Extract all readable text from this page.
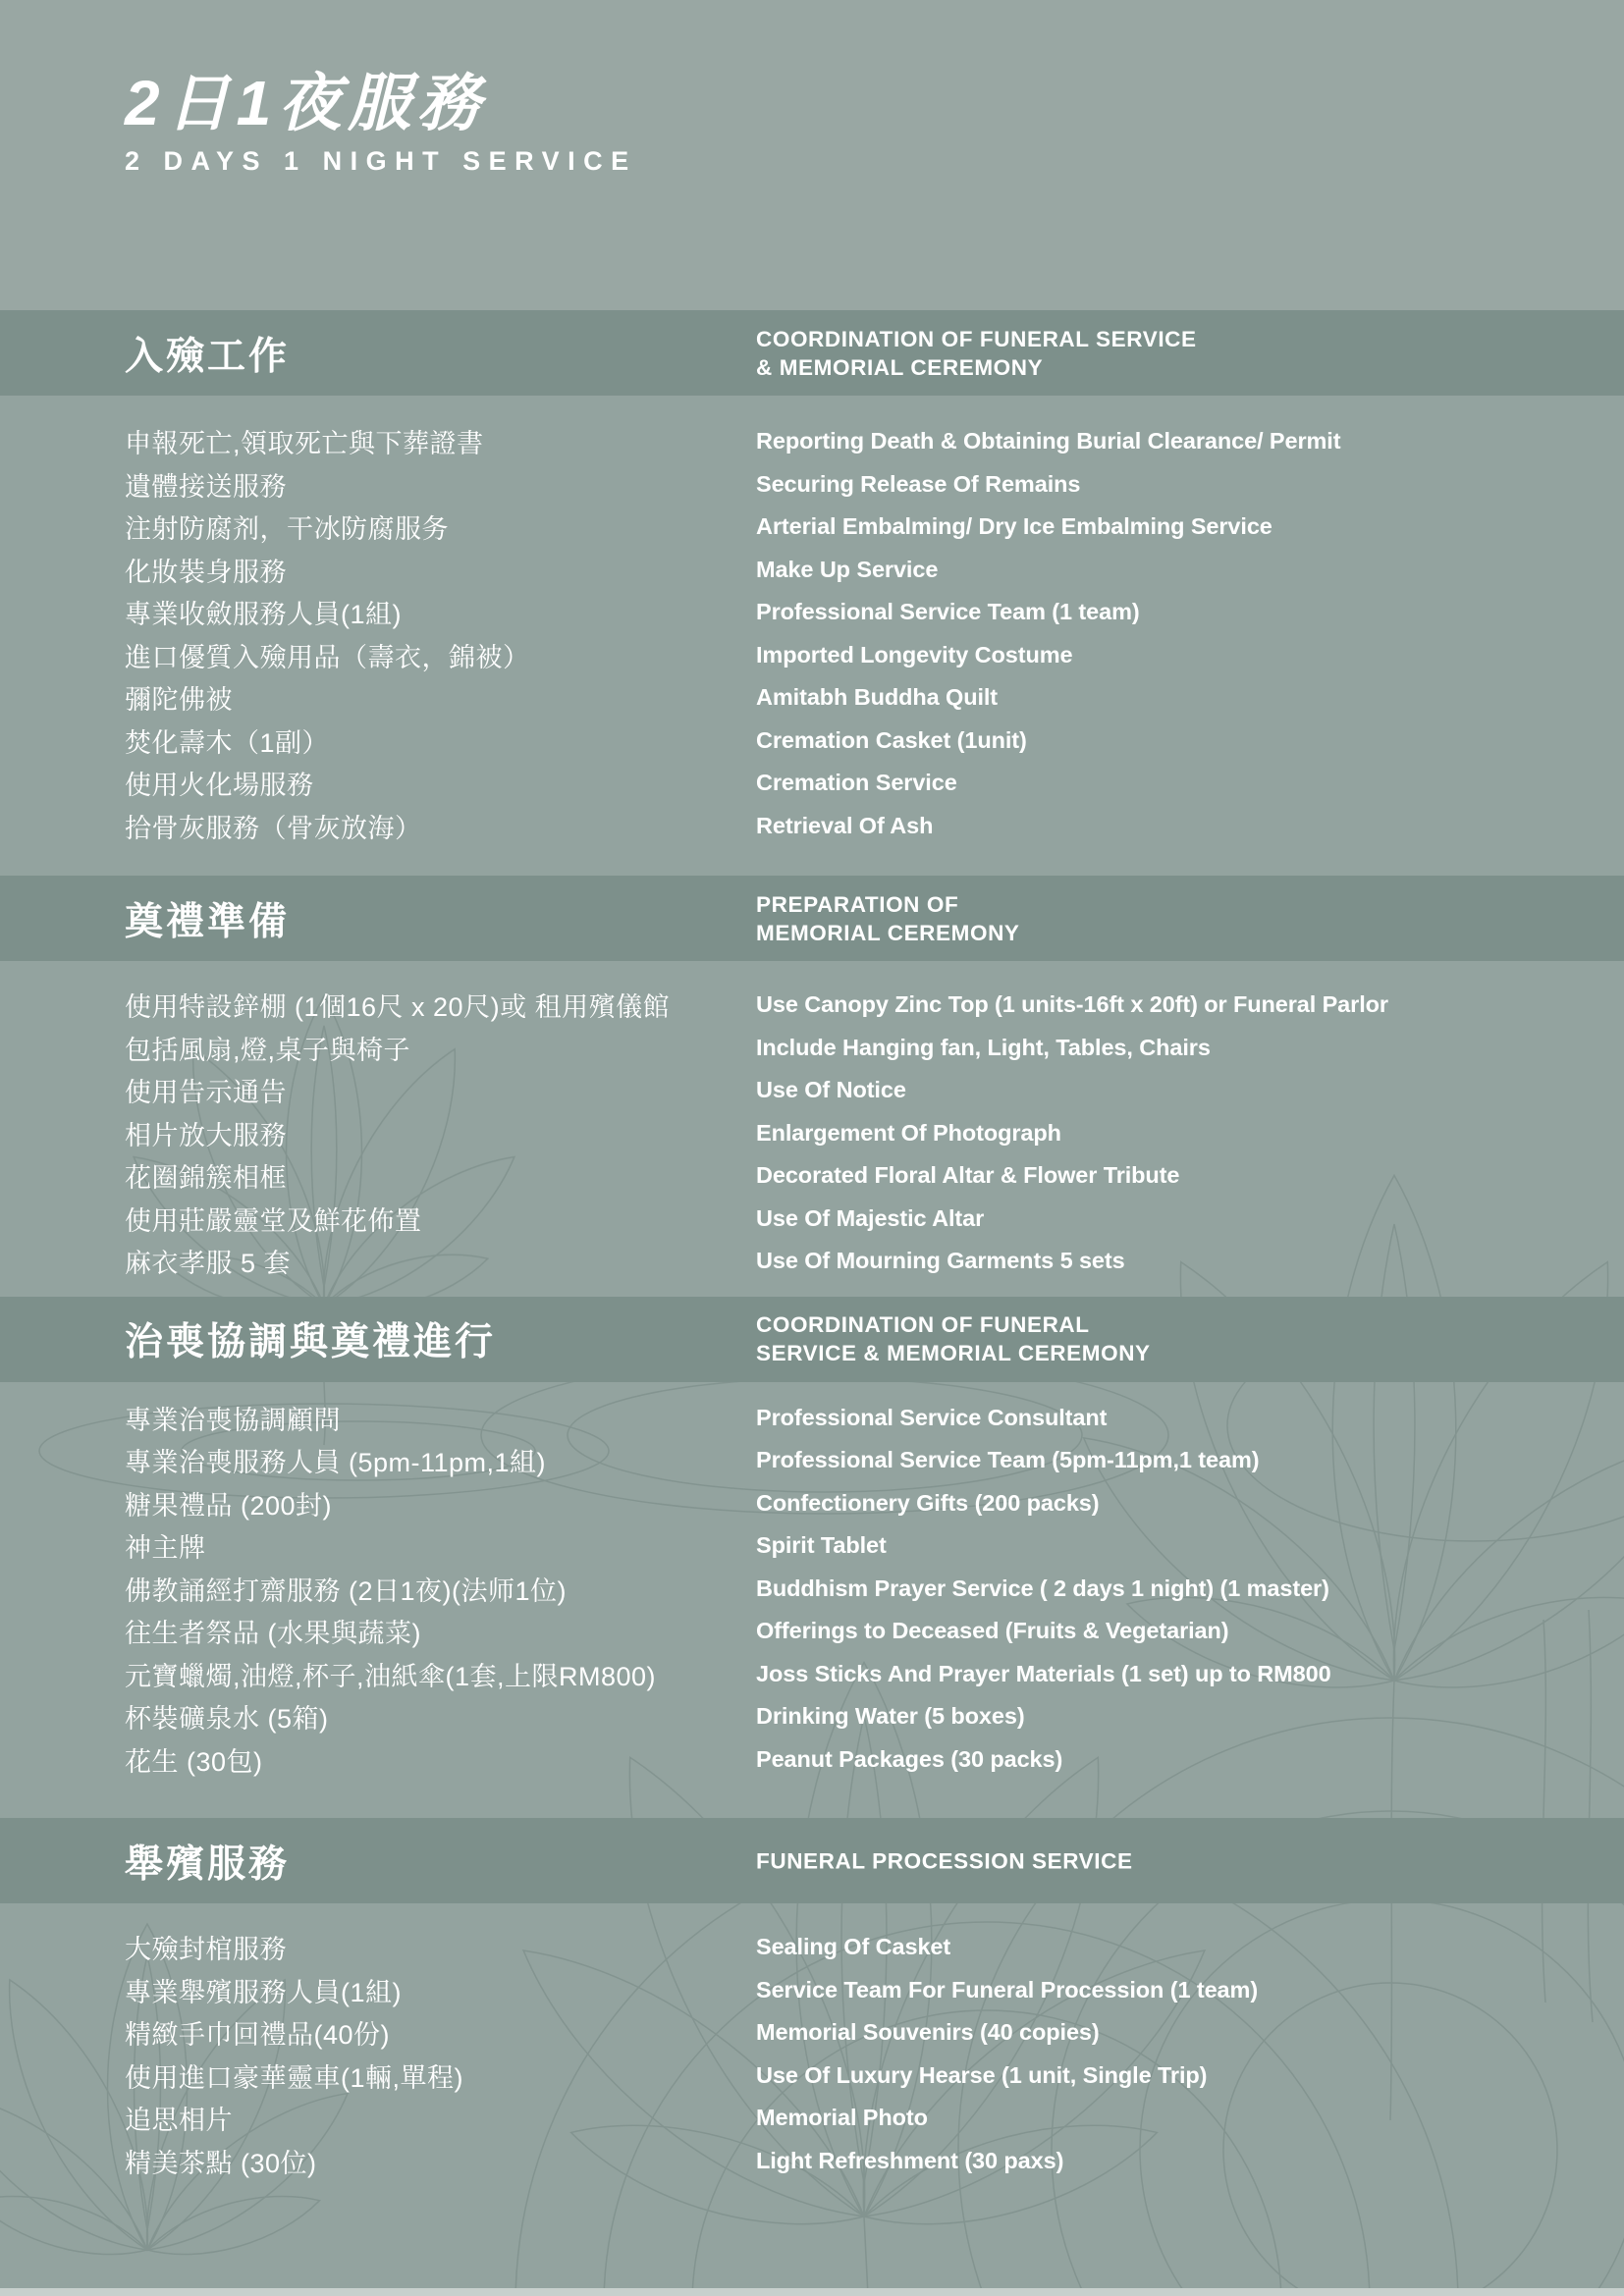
2日1夜服務
2 DAYS 1 NIGHT SERVICE
入殮工作	COORDINATION OF FUNERAL SERVICE
& MEMORIAL CEREMONY
申報死亡,領取死亡與下葬證書	Reporting Death & Obtaining Burial Clearance/ Permit
遺體接送服務	Securing Release Of Remains
注射防腐剂，干冰防腐服务	Arterial Embalming/ Dry Ice Embalming Service
化妝裝身服務	Make Up Service
專業收斂服務人員(1組)	Professional Service Team (1 team)
進口優質入殮用品（壽衣，錦被）	Imported Longevity Costume
彌陀佛被	Amitabh Buddha Quilt
焚化壽木（1副）	Cremation Casket (1unit)
使用火化場服務	Cremation Service
拾骨灰服務（骨灰放海）	Retrieval Of Ash
奠禮準備	PREPARATION OF
MEMORIAL CEREMONY
使用特設鋅棚 (1個16尺 x 20尺)或 租用殯儀館	Use Canopy Zinc Top (1 units-16ft x 20ft) or Funeral Parlor
包括風扇,燈,桌子與椅子	Include Hanging fan, Light, Tables, Chairs
使用告示通告	Use Of Notice
相片放大服務	Enlargement Of Photograph
花圈錦簇相框	Decorated Floral Altar & Flower Tribute
使用莊嚴靈堂及鮮花佈置	Use Of Majestic Altar
麻衣孝服 5 套	Use Of Mourning Garments 5 sets
治喪協調與奠禮進行	COORDINATION OF FUNERAL
SERVICE & MEMORIAL CEREMONY
專業治喪協調顧問	Professional Service Consultant
專業治喪服務人員 (5pm-11pm,1組)	Professional Service Team (5pm-11pm,1 team)
糖果禮品 (200封)	Confectionery Gifts (200 packs)
神主牌	Spirit Tablet
佛教誦經打齋服務 (2日1夜)(法师1位)	Buddhism Prayer Service ( 2 days 1 night) (1 master)
往生者祭品 (水果與蔬菜)	Offerings to Deceased (Fruits & Vegetarian)
元寶蠟燭,油燈,杯子,油紙傘(1套,上限RM800)	Joss Sticks And Prayer Materials (1 set) up to RM800
杯裝礦泉水 (5箱)	Drinking Water (5 boxes)
花生 (30包)	Peanut Packages (30 packs)
舉殯服務	FUNERAL PROCESSION SERVICE
大殮封棺服務	Sealing Of Casket
專業舉殯服務人員(1組)	Service Team For Funeral Procession (1 team)
精緻手巾回禮品(40份)	Memorial Souvenirs (40 copies)
使用進口豪華靈車(1輛,單程)	Use Of Luxury Hearse (1 unit, Single Trip)
追思相片	Memorial Photo
精美茶點 (30位)	Light Refreshment (30 paxs)
